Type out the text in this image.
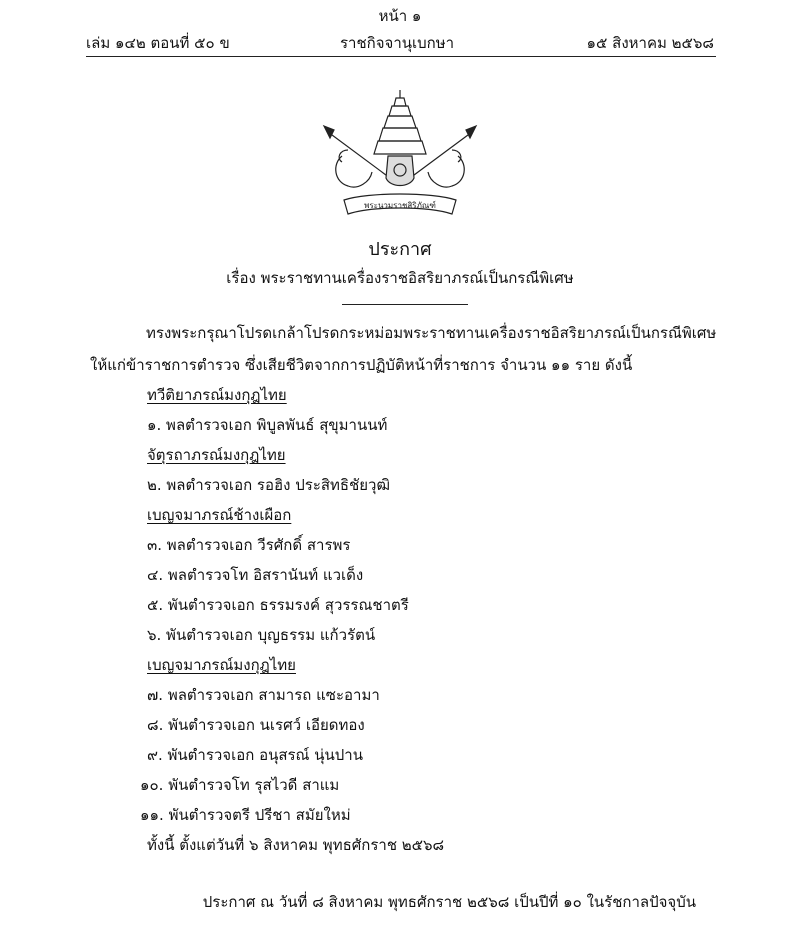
หน้า ๑
เล่ม ๑๔๒ ตอนที่ ๕๐ ข	ราชกิจจานุเบกษา	๑๕ สิงหาคม ๒๕๖๘
พระนวมราชสิริภัณฑ์
ประกาศ
เรื่อง พระราชทานเครื่องราชอิสริยาภรณ์เป็นกรณีพิเศษ
ทรงพระกรุณาโปรดเกล้าโปรดกระหม่อมพระราชทานเครื่องราชอิสริยาภรณ์เป็นกรณีพิเศษ
ให้แก่ข้าราชการตำรวจ ซึ่งเสียชีวิตจากการปฏิบัติหน้าที่ราชการ จำนวน ๑๑ ราย ดังนี้
ทวีติยาภรณ์มงกุฎไทย
๑. พลตำรวจเอก พิบูลพันธ์ สุขุมานนท์
จัตุรถาภรณ์มงกุฎไทย
๒. พลตำรวจเอก รอฮิง ประสิทธิชัยวุฒิ
เบญจมาภรณ์ช้างเผือก
๓. พลตำรวจเอก วีรศักดิ์ สารพร
๔. พลตำรวจโท อิสรานันท์ แวเด็ง
๕. พันตำรวจเอก ธรรมรงค์ สุวรรณชาตรี
๖. พันตำรวจเอก บุญธรรม แก้วรัตน์
เบญจมาภรณ์มงกุฎไทย
๗. พลตำรวจเอก สามารถ แซะอามา
๘. พันตำรวจเอก นเรศว์ เอียดทอง
๙. พันตำรวจเอก อนุสรณ์ นุ่นปาน
๑๐. พันตำรวจโท รุสไวดี สาแม
๑๑. พันตำรวจตรี ปรีชา สมัยใหม่
ทั้งนี้ ตั้งแต่วันที่ ๖ สิงหาคม พุทธศักราช ๒๕๖๘
ประกาศ ณ วันที่ ๘ สิงหาคม พุทธศักราช ๒๕๖๘ เป็นปีที่ ๑๐ ในรัชกาลปัจจุบัน
